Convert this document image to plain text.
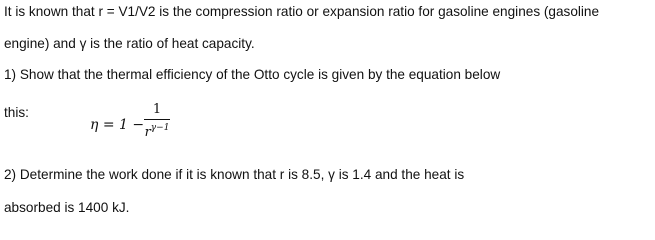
It is known that r = V1/V2 is the compression ratio or expansion ratio for gasoline engines (gasoline
engine) and γ is the ratio of heat capacity.
1) Show that the thermal efficiency of the Otto cycle is given by the equation below
this:
η = 1 −
1
$r^{\gamma-1}$
2) Determine the work done if it is known that r is 8.5, γ is 1.4 and the heat is
absorbed is 1400 kJ.
